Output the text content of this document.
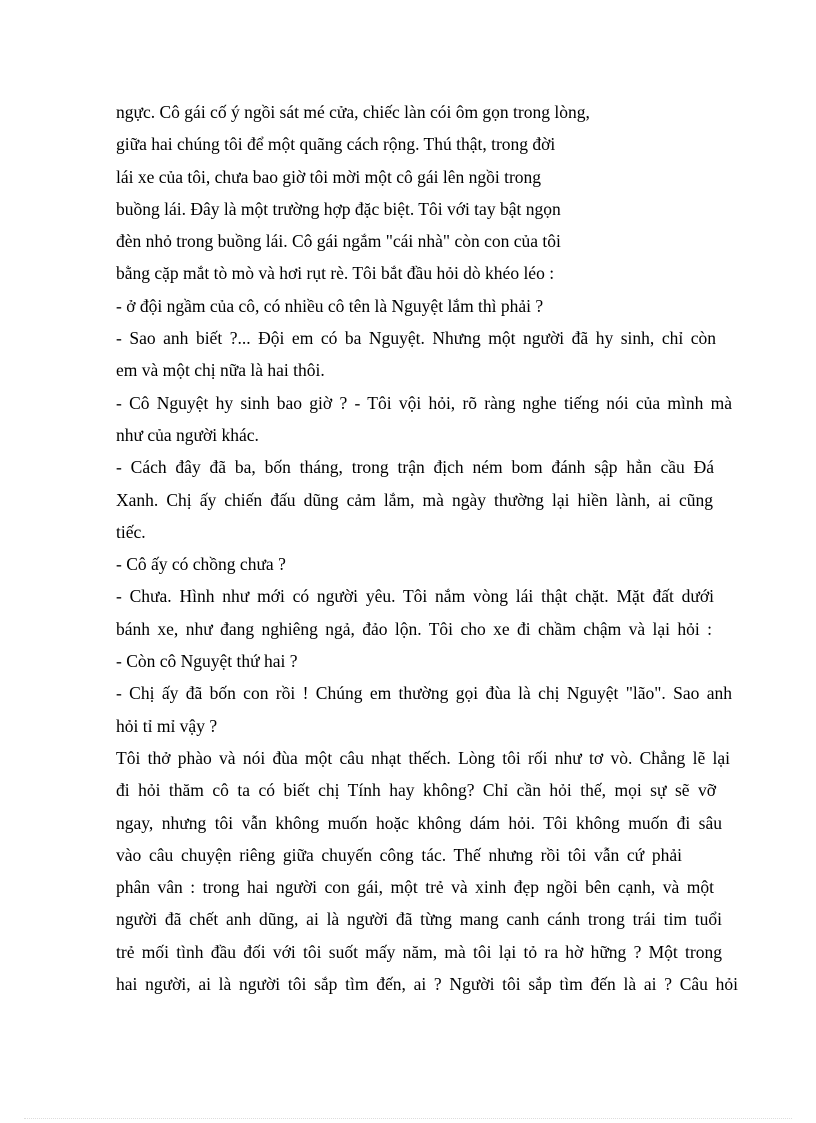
ngực. Cô gái cố ý ngồi sát mé cửa, chiếc làn cói ôm gọn trong lòng,
giữa hai chúng tôi để một quãng cách rộng. Thú thật, trong đời
lái xe của tôi, chưa bao giờ tôi mời một cô gái lên ngồi trong
buồng lái. Đây là một trường hợp đặc biệt. Tôi với tay bật ngọn
đèn nhỏ trong buồng lái. Cô gái ngắm "cái nhà" còn con của tôi
bằng cặp mắt tò mò và hơi rụt rè. Tôi bắt đầu hỏi dò khéo léo :
- ở đội ngầm của cô, có nhiều cô tên là Nguyệt lắm thì phải ?
- Sao anh biết ?... Đội em có ba Nguyệt. Nhưng một người đã hy sinh, chỉ còn
em và một chị nữa là hai thôi.
- Cô Nguyệt hy sinh bao giờ ? - Tôi vội hỏi, rõ ràng nghe tiếng nói của mình mà
như của người khác.
- Cách đây đã ba, bốn tháng, trong trận địch ném bom đánh sập hẳn cầu Đá
Xanh. Chị ấy chiến đấu dũng cảm lắm, mà ngày thường lại hiền lành, ai cũng
tiếc.
- Cô ấy có chồng chưa ?
- Chưa. Hình như mới có người yêu. Tôi nắm vòng lái thật chặt. Mặt đất dưới
bánh xe, như đang nghiêng ngả, đảo lộn. Tôi cho xe đi chầm chậm và lại hỏi :
- Còn cô Nguyệt thứ hai ?
- Chị ấy đã bốn con rồi ! Chúng em thường gọi đùa là chị Nguyệt "lão". Sao anh
hỏi tỉ mỉ vậy ?
Tôi thở phào và nói đùa một câu nhạt thếch. Lòng tôi rối như tơ vò. Chẳng lẽ lại
đi hỏi thăm cô ta có biết chị Tính hay không? Chỉ cần hỏi thế, mọi sự sẽ vỡ
ngay, nhưng tôi vẫn không muốn hoặc không dám hỏi. Tôi không muốn đi sâu
vào câu chuyện riêng giữa chuyến công tác. Thế nhưng rồi tôi vẫn cứ phải
phân vân : trong hai người con gái, một trẻ và xinh đẹp ngồi bên cạnh, và một
người đã chết anh dũng, ai là người đã từng mang canh cánh trong trái tim tuổi
trẻ mối tình đầu đối với tôi suốt mấy năm, mà tôi lại tỏ ra hờ hững ? Một trong
hai người, ai là người tôi sắp tìm đến, ai ? Người tôi sắp tìm đến là ai ? Câu hỏi
